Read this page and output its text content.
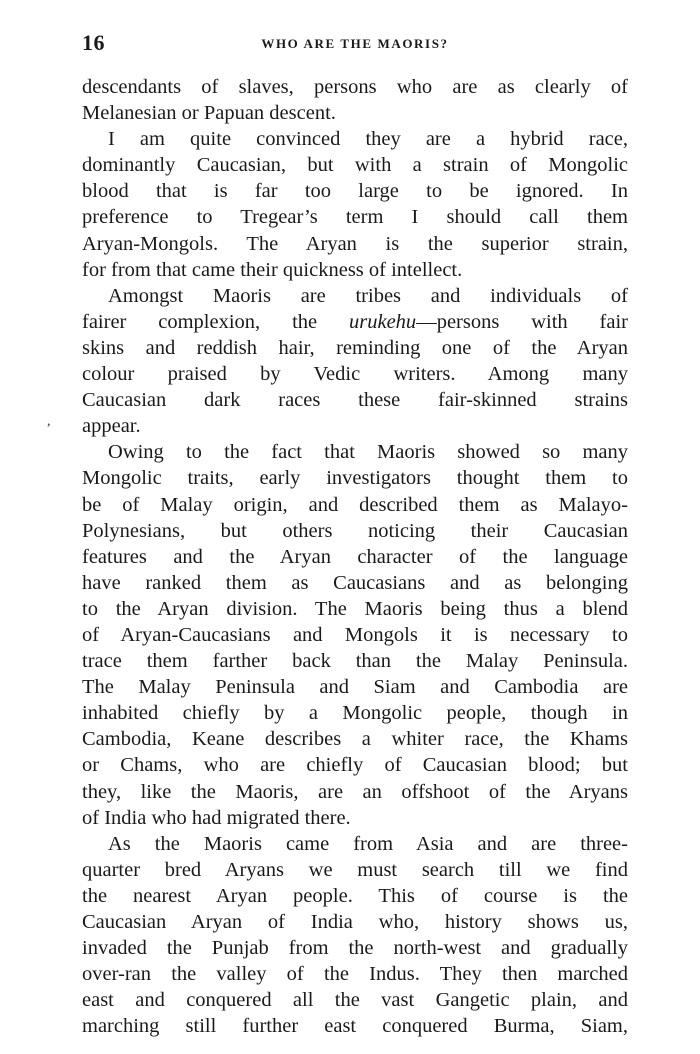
16	WHO ARE THE MAORIS?
,
descendants of slaves, persons who are as clearly of
Melanesian or Papuan descent.
I am quite convinced they are a hybrid race,
dominantly Caucasian, but with a strain of Mongolic
blood that is far too large to be ignored. In
preference to Tregear’s term I should call them
Aryan-Mongols. The Aryan is the superior strain,
for from that came their quickness of intellect.
Amongst Maoris are tribes and individuals of
fairer complexion, the urukehu—persons with fair
skins and reddish hair, reminding one of the Aryan
colour praised by Vedic writers. Among many
Caucasian dark races these fair-skinned strains
appear.
Owing to the fact that Maoris showed so many
Mongolic traits, early investigators thought them to
be of Malay origin, and described them as Malayo-
Polynesians, but others noticing their Caucasian
features and the Aryan character of the language
have ranked them as Caucasians and as belonging
to the Aryan division. The Maoris being thus a blend
of Aryan-Caucasians and Mongols it is necessary to
trace them farther back than the Malay Peninsula.
The Malay Peninsula and Siam and Cambodia are
inhabited chiefly by a Mongolic people, though in
Cambodia, Keane describes a whiter race, the Khams
or Chams, who are chiefly of Caucasian blood; but
they, like the Maoris, are an offshoot of the Aryans
of India who had migrated there.
As the Maoris came from Asia and are three-
quarter bred Aryans we must search till we find
the nearest Aryan people. This of course is the
Caucasian Aryan of India who, history shows us,
invaded the Punjab from the north-west and gradually
over-ran the valley of the Indus. They then marched
east and conquered all the vast Gangetic plain, and
marching still further east conquered Burma, Siam,
